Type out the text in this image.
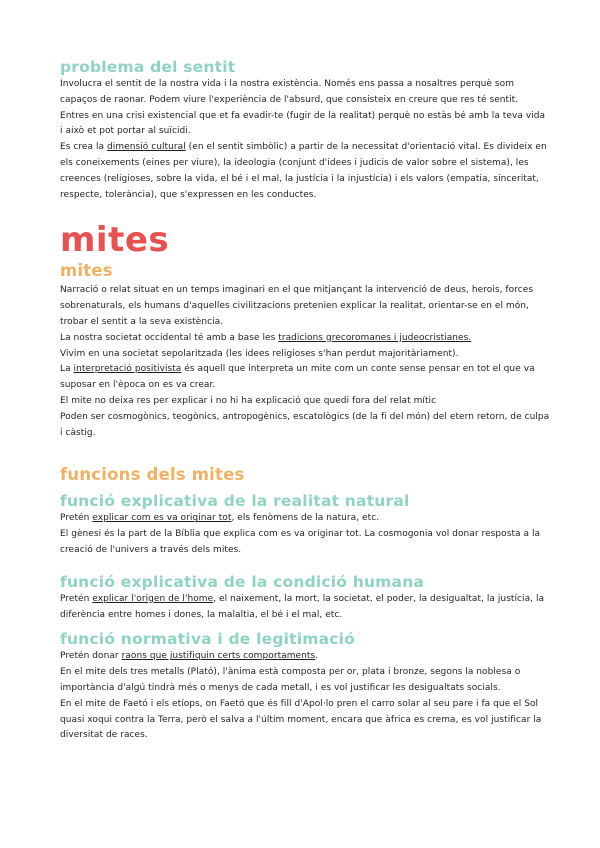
problema del sentit

Involucra el sentit de la nostra vida i la nostra existència. Només ens passa a nosaltres perquè som capaços de raonar. Podem viure l'experiència de l'absurd, que consisteix en creure que res té sentit. Entres en una crisi existencial que et fa evadir-te (fugir de la realitat) perquè no estàs bé amb la teva vida i això et pot portar al suïcidi.

Es crea la dimensió cultural (en el sentit simbòlic) a partir de la necessitat d'orientació vital. Es divideix en els coneixements (eines per viure), la ideologia (conjunt d'idees i judicis de valor sobre el sistema), les creences (religioses, sobre la vida, el bé i el mal, la justícia i la injustícia) i els valors (empatia, sinceritat, respecte, tolerància), que s'expressen en les conductes.

mites
mites

Narració o relat situat en un temps imaginari en el que mitjançant la intervenció de deus, herois, forces sobrenaturals, els humans d'aquelles civilitzacions pretenien explicar la realitat, orientar-se en el món, trobar el sentit a la seva existència.

La nostra societat occidental té amb a base les tradicions grecoromanes i judeocristianes.

Vivim en una societat sepolaritzada (les idees religioses s'han perdut majoritàriament).

La interpretació positivista és aquell que interpreta un mite com un conte sense pensar en tot el que va suposar en l'època on es va crear.

El mite no deixa res per explicar i no hi ha explicació que quedi fora del relat mític

Poden ser cosmogònics, teogònics, antropogènics, escatològics (de la fi del món) del etern retorn, de culpa i càstig.

funcions dels mites
funció explicativa de la realitat natural

Pretén explicar com es va originar tot, els fenòmens de la natura, etc.

El gènesi és la part de la Bíblia que explica com es va originar tot. La cosmogonia vol donar resposta a la creació de l'univers a través dels mites.

funció explicativa de la condició humana

Pretén explicar l'origen de l'home, el naixement, la mort, la societat, el poder, la desigualtat, la justícia, la diferència entre homes i dones, la malaltia, el bé i el mal, etc.

funció normativa i de legitimació

Pretén donar raons que justifiquin certs comportaments.

En el mite dels tres metalls (Plató), l'ànima està composta per or, plata i bronze, segons la noblesa o importància d'algú tindrà més o menys de cada metall, i es vol justificar les desigualtats socials.

En el mite de Faetó i els etíops, on Faetó que és fill d'Apol·lo pren el carro solar al seu pare i fa que el Sol quasi xoqui contra la Terra, però el salva a l'últim moment, encara que àfrica es crema, es vol justificar la diversitat de races.
